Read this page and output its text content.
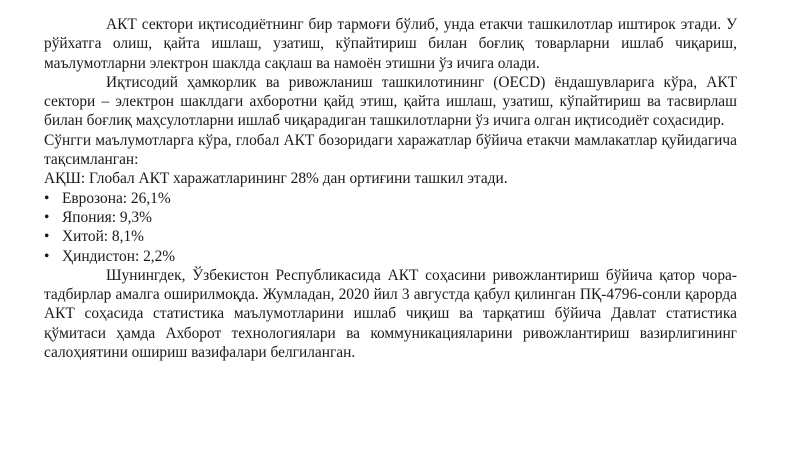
АКТ сектори иқтисодиётнинг бир тармоғи бўлиб, унда етакчи ташкилотлар иштирок этади. У рўйхатга олиш, қайта ишлаш, узатиш, кўпайтириш билан боғлиқ товарларни ишлаб чиқариш, маълумотларни электрон шаклда сақлаш ва намоён этишни ўз ичига олади.

Иқтисодий ҳамкорлик ва ривожланиш ташкилотининг (OECD) ёндашувларига кўра, АКТ сектори – электрон шаклдаги ахборотни қайд этиш, қайта ишлаш, узатиш, кўпайтириш ва тасвирлаш билан боғлиқ маҳсулотларни ишлаб чиқарадиган ташкилотларни ўз ичига олган иқтисодиёт соҳасидир.

Сўнгги маълумотларга кўра, глобал АКТ бозоридаги харажатлар бўйича етакчи мамлакатлар қуйидагича тақсимланган:

АҚШ: Глобал АКТ харажатларининг 28% дан ортиғини ташкил этади.

• Еврозона: 26,1%
• Япония: 9,3%
• Хитой: 8,1%
• Ҳиндистон: 2,2%

Шунингдек, Ўзбекистон Республикасида АКТ соҳасини ривожлантириш бўйича қатор чора-тадбирлар амалга оширилмоқда. Жумладан, 2020 йил 3 августда қабул қилинган ПҚ-4796-сонли қарорда АКТ соҳасида статистика маълумотларини ишлаб чиқиш ва тарқатиш бўйича Давлат статистика қўмитаси ҳамда Ахборот технологиялари ва коммуникацияларини ривожлантириш вазирлигининг салоҳиятини ошириш вазифалари белгиланган.
